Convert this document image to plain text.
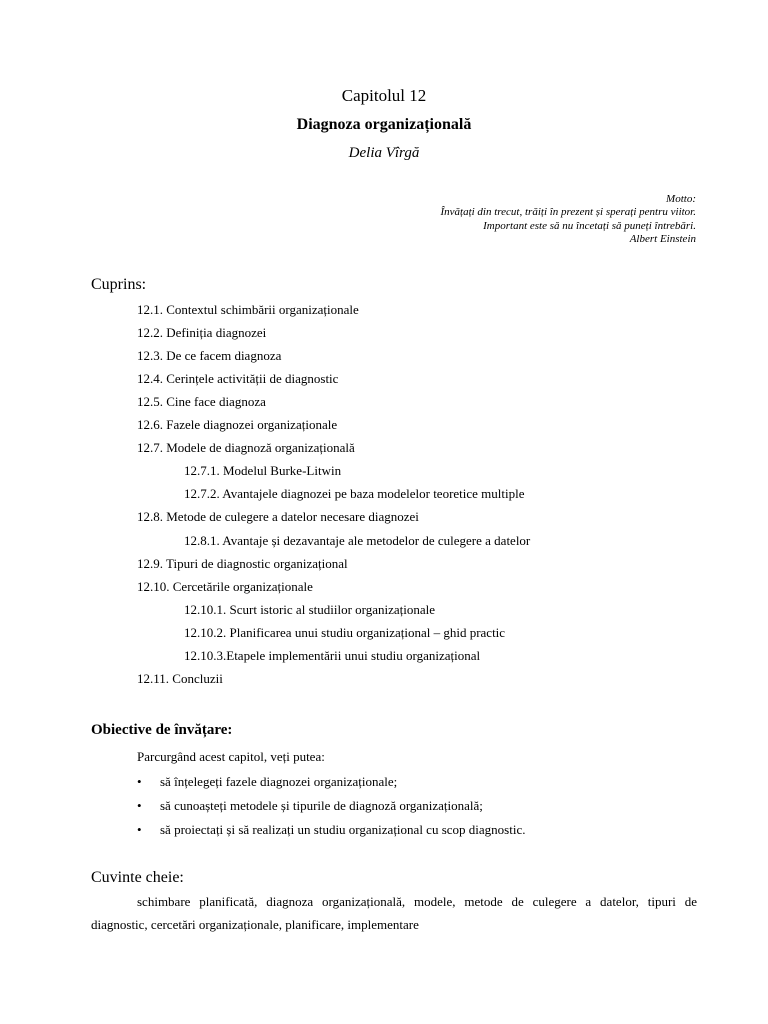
Capitolul 12
Diagnoza organizațională
Delia Vîrgă
Motto:
Învățați din trecut, trăiți în prezent și sperați pentru viitor.
Important este să nu încetați să puneți întrebări.
Albert Einstein
Cuprins:
12.1. Contextul schimbării organizaționale
12.2. Definiția diagnozei
12.3. De ce facem diagnoza
12.4. Cerințele activității de diagnostic
12.5. Cine face diagnoza
12.6. Fazele diagnozei organizaționale
12.7. Modele de diagnoză organizațională
12.7.1. Modelul Burke-Litwin
12.7.2. Avantajele diagnozei pe baza modelelor teoretice multiple
12.8. Metode de culegere a datelor necesare diagnozei
12.8.1. Avantaje și dezavantaje ale metodelor de culegere a datelor
12.9. Tipuri de diagnostic organizațional
12.10. Cercetările organizaționale
12.10.1. Scurt istoric al studiilor organizaționale
12.10.2. Planificarea unui studiu organizațional – ghid practic
12.10.3.Etapele implementării unui studiu organizațional
12.11. Concluzii
Obiective de învățare:
Parcurgând acest capitol, veți putea:
• să înțelegeți fazele diagnozei organizaționale;
• să cunoașteți metodele și tipurile de diagnoză organizațională;
• să proiectați și să realizați un studiu organizațional cu scop diagnostic.
Cuvinte cheie:
schimbare planificată, diagnoza organizațională, modele, metode de culegere a datelor, tipuri de
diagnostic, cercetări organizaționale, planificare, implementare
